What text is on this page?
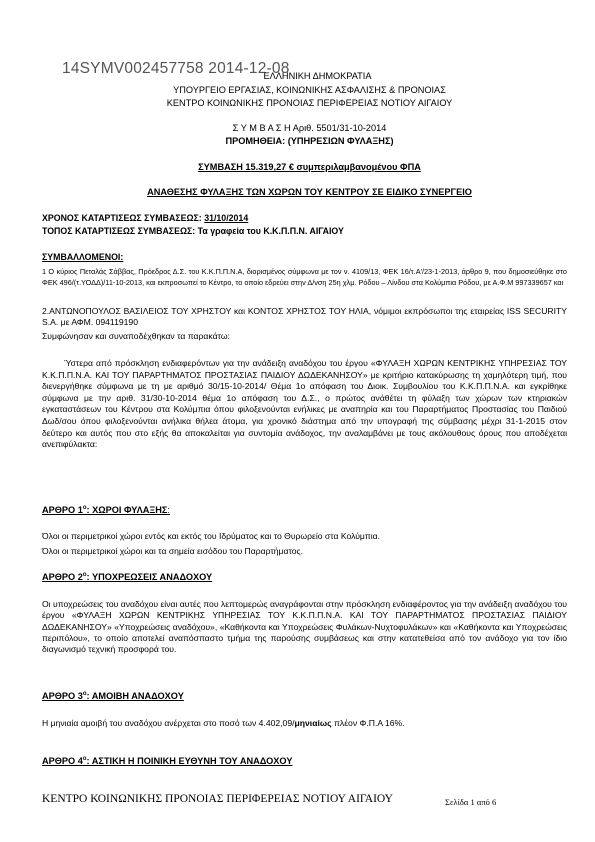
14SYMV002457758 2014-12-08
ΕΛΛΗΝΙΚΗ ΔΗΜΟΚΡΑΤΙΑ
ΥΠΟΥΡΓΕΙΟ ΕΡΓΑΣΙΑΣ, ΚΟΙΝΩΝΙΚΗΣ ΑΣΦΑΛΙΣΗΣ & ΠΡΟΝΟΙΑΣ
ΚΕΝΤΡΟ ΚΟΙΝΩΝΙΚΗΣ ΠΡΟΝΟΙΑΣ ΠΕΡΙΦΕΡΕΙΑΣ ΝΟΤΙΟΥ ΑΙΓΑΙΟΥ
Σ Υ Μ Β Α Σ Η Αριθ. 5501/31-10-2014
ΠΡΟΜΗΘΕΙΑ: (ΥΠΗΡΕΣΙΩΝ ΦΥΛΑΞΗΣ)
ΣΥΜΒΑΣΗ 15.319,27 € συμπεριλαμβανομένου ΦΠΑ
ΑΝΑΘΕΣΗΣ ΦΥΛΑΞΗΣ ΤΩΝ ΧΩΡΩΝ ΤΟΥ ΚΕΝΤΡΟΥ ΣΕ ΕΙΔΙΚΟ ΣΥΝΕΡΓΕΙΟ
ΧΡΟΝΟΣ ΚΑΤΑΡΤΙΣΕΩΣ ΣΥΜΒΑΣΕΩΣ: 31/10/2014
ΤΟΠΟΣ ΚΑΤΑΡΤΙΣΕΩΣ ΣΥΜΒΑΣΕΩΣ: Τα γραφεία του Κ.Κ.Π.Π.Ν. ΑΙΓΑΙΟΥ
ΣΥΜΒΑΛΛΟΜΕΝΟΙ:
1 Ο κύριος Πεταλάς Σάββας, Πρόεδρος Δ.Σ. του Κ.Κ.Π.Π.Ν.Α, διορισμένος σύμφωνα με τον ν. 4109/13, ΦΕΚ 16/τ.Α'/23-1-2013, άρθρο 9, που δημοσιεύθηκε στο ΦΕΚ 496/(τ.ΥΟΔΔ)/11-10-2013, και εκπροσωπεί το Κέντρο, το οποίο εδρεύει στην Δ/νση 25η χλμ. Ρόδου – Λίνδου στα Κολύμπια Ρόδου, με Α.Φ.Μ 997339657 και
2.ΑΝΤΩΝΟΠΟΥΛΟΣ ΒΑΣΙΛΕΙΟΣ ΤΟΥ ΧΡΗΣΤΟΥ και ΚΟΝΤΟΣ ΧΡΗΣΤΟΣ ΤΟΥ ΗΛΙΑ, νόμιμοι εκπρόσωποι της εταιρείας ISS SECURITY S.A. με ΑΦΜ. 094119190
Συμφώνησαν και συναποδέχθηκαν τα παρακάτω:
Ύστερα από πρόσκληση ενδιαφερόντων για την ανάδειξη αναδόχου του έργου «ΦΥΛΑΞΗ ΧΩΡΩΝ ΚΕΝΤΡΙΚΗΣ ΥΠΗΡΕΣΙΑΣ ΤΟΥ Κ.Κ.Π.Π.Ν.Α. ΚΑΙ ΤΟΥ ΠΑΡΑΡΤΗΜΑΤΟΣ ΠΡΟΣΤΑΣΙΑΣ ΠΑΙΔΙΟΥ ΔΩΔΕΚΑΝΗΣΟΥ» με κριτήριο κατακύρωσης τη χαμηλότερη τιμή, που διενεργήθηκε σύμφωνα με τη με αριθμό 30/15-10-2014/ Θέμα 1ο απόφαση του Διοικ. Συμβουλίου του Κ.Κ.Π.Π.Ν.Α. και εγκρίθηκε σύμφωνα με την αριθ. 31/30-10-2014 θέμα 1ο απόφαση του Δ.Σ., ο πρώτος ανάθέτει τη φύλαξη των χώρων των κτηριακών εγκαταστάσεων του Κέντρου στα Κολύμπια όπου φιλοξενούνται ενήλικες με αναπηρία και του Παραρτήματος Προστασίας του Παιδιού Δωδ/σου όπου φιλοξενούνται ανήλικα θήλεα άτομα, για χρονικό διάστημα από την υπογραφή της σύμβασης μέχρι 31-1-2015 στον δεύτερο και αυτός που στο εξής θα αποκαλείται για συντομία ανάδοχος, την αναλαμβάνει με τους ακόλουθους όρους που αποδέχεται ανεπιφύλακτα:
ΑΡΘΡΟ $1^o$: ΧΩΡΟΙ ΦΥΛΑΞΗΣ:
Όλοι οι περιμετρικοί χώροι εντός και εκτός του Ιδρύματος και το Θυρωρείο στα Κολύμπια.
Όλοι οι περιμετρικοί χώροι και τα σημεία εισόδου του Παραρτήματος.
ΑΡΘΡΟ $2^o$: ΥΠΟΧΡΕΩΣΕΙΣ ΑΝΑΔΟΧΟΥ
Οι υποχρεώσεις του αναδόχου είναι αυτές που λεπτομερώς αναγράφονται στην πρόσκληση ενδιαφέροντος για την ανάδειξη αναδόχου του έργου «ΦΥΛΑΞΗ ΧΩΡΩΝ ΚΕΝΤΡΙΚΗΣ ΥΠΗΡΕΣΙΑΣ ΤΟΥ Κ.Κ.Π.Π.Ν.Α. ΚΑΙ ΤΟΥ ΠΑΡΑΡΤΗΜΑΤΟΣ ΠΡΟΣΤΑΣΙΑΣ ΠΑΙΔΙΟΥ ΔΩΔΕΚΑΝΗΣΟΥ» «Υποχρεώσεις αναδόχου», «Καθήκοντα και Υποχρεώσεις Φυλάκων-Νυχτοφυλάκων» και «Καθήκοντα και Υποχρεώσεις περιπόλου», το οποίο αποτελεί αναπόσπαστο τμήμα της παρούσης συμβάσεως και στην κατατεθείσα από τον ανάδοχο για τον ίδιο διαγωνισμό τεχνική προσφορά του.
ΑΡΘΡΟ $3^o$: ΑΜΟΙΒΗ ΑΝΑΔΟΧΟΥ
Η μηνιαία αμοιβή του αναδόχου ανέρχεται στο ποσό των 4.402,09/μηνιαίως πλέον Φ.Π.Α 16%.
ΑΡΘΡΟ $4^o$: ΑΣΤΙΚΗ Η ΠΟΙΝΙΚΗ ΕΥΘΥΝΗ ΤΟΥ ΑΝΑΔΟΧΟΥ
ΚΕΝΤΡΟ ΚΟΙΝΩΝΙΚΗΣ ΠΡΟΝΟΙΑΣ ΠΕΡΙΦΕΡΕΙΑΣ ΝΟΤΙΟΥ ΑΙΓΑΙΟΥ	Σελίδα 1 από 6
